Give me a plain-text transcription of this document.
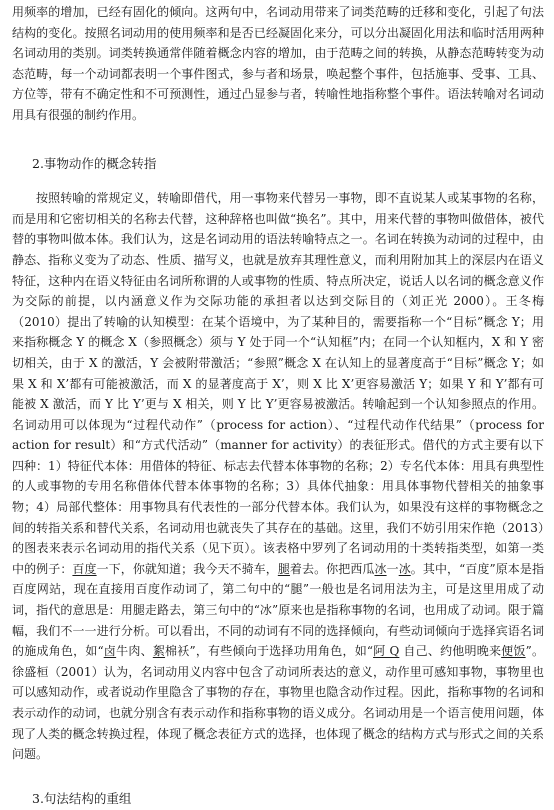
用频率的增加，已经有固化的倾向。这两句中，名词动用带来了词类范畴的迁移和变化，引起了句法结构的变化。按照名词动用的使用频率和是否已经凝固化来分，可以分出凝固化用法和临时活用两种名词动用的类别。词类转换通常伴随着概念内容的增加，由于范畴之间的转换，从静态范畴转变为动态范畴，每一个动词都表明一个事件图式，参与者和场景，唤起整个事件，包括施事、受事、工具、方位等，带有不确定性和不可预测性，通过凸显参与者，转喻性地指称整个事件。语法转喻对名词动用具有很强的制约作用。

2.事物动作的概念转指

按照转喻的常规定义，转喻即借代，用一事物来代替另一事物，即不直说某人或某事物的名称，而是用和它密切相关的名称去代替，这种辞格也叫做“换名”。其中，用来代替的事物叫做借体，被代替的事物叫做本体。我们认为，这是名词动用的语法转喻特点之一。名词在转换为动词的过程中，由静态、指称义变为了动态、性质、描写义，也就是放弃其理性意义，而利用附加其上的深层内在语义特征，这种内在语义特征由名词所称谓的人或事物的性质、特点所决定，说话人以名词的概念意义作为交际的前提，以内涵意义作为交际功能的承担者以达到交际目的（刘正光 2000）。王冬梅（2010）提出了转喻的认知模型：在某个语境中，为了某种目的，需要指称一个“目标”概念 Y；用来指称概念 Y 的概念 X（参照概念）须与 Y 处于同一个“认知框”内；在同一个认知框内，X 和 Y 密切相关，由于 X 的激活，Y 会被附带激活；“参照”概念 X 在认知上的显著度高于“目标”概念 Y；如果 X 和 X’都有可能被激活，而 X 的显著度高于 X’，则 X 比 X’更容易激活 Y；如果 Y 和 Y’都有可能被 X 激活，而 Y 比 Y’更与 X 相关，则 Y 比 Y’更容易被激活。转喻起到一个认知参照点的作用。名词动用可以体现为“过程代动作”（process for action）、“过程代动作代结果”（process for action for result）和“方式代活动”（manner for activity）的表征形式。借代的方式主要有以下四种：1）特征代本体：用借体的特征、标志去代替本体事物的名称；2）专名代本体：用具有典型性的人或事物的专用名称借体代替本体事物的名称；3）具体代抽象：用具体事物代替相关的抽象事物；4）局部代整体：用事物具有代表性的一部分代替本体。我们认为，如果没有这样的事物概念之间的转指关系和替代关系，名词动用也就丧失了其存在的基础。这里，我们不妨引用宋作艳（2013）的图表来表示名词动用的指代关系（见下页）。该表格中罗列了名词动用的十类转指类型，如第一类中的例子：百度一下，你就知道；我今天不骑车，腿着去。你把西瓜冰一冰。其中，“百度”原本是指百度网站，现在直接用百度作动词了，第二句中的“腿”一般也是名词用法为主，可是这里用成了动词，指代的意思是：用腿走路去，第三句中的“冰”原来也是指称事物的名词，也用成了动词。限于篇幅，我们不一一进行分析。可以看出，不同的动词有不同的选择倾向，有些动词倾向于选择宾语名词的施成角色，如“卤牛肉、絮棉袄”，有些倾向于选择功用角色，如“阿 Q 自己、约他明晚来便饭”。徐盛桓（2001）认为，名词动用义内容中包含了动词所表达的意义，动作里可感知事物，事物里也可以感知动作，或者说动作里隐含了事物的存在，事物里也隐含动作过程。因此，指称事物的名词和表示动作的动词，也就分别含有表示动作和指称事物的语义成分。名词动用是一个语言使用问题，体现了人类的概念转换过程，体现了概念表征方式的选择，也体现了概念的结构方式与形式之间的关系问题。

3.句法结构的重组
